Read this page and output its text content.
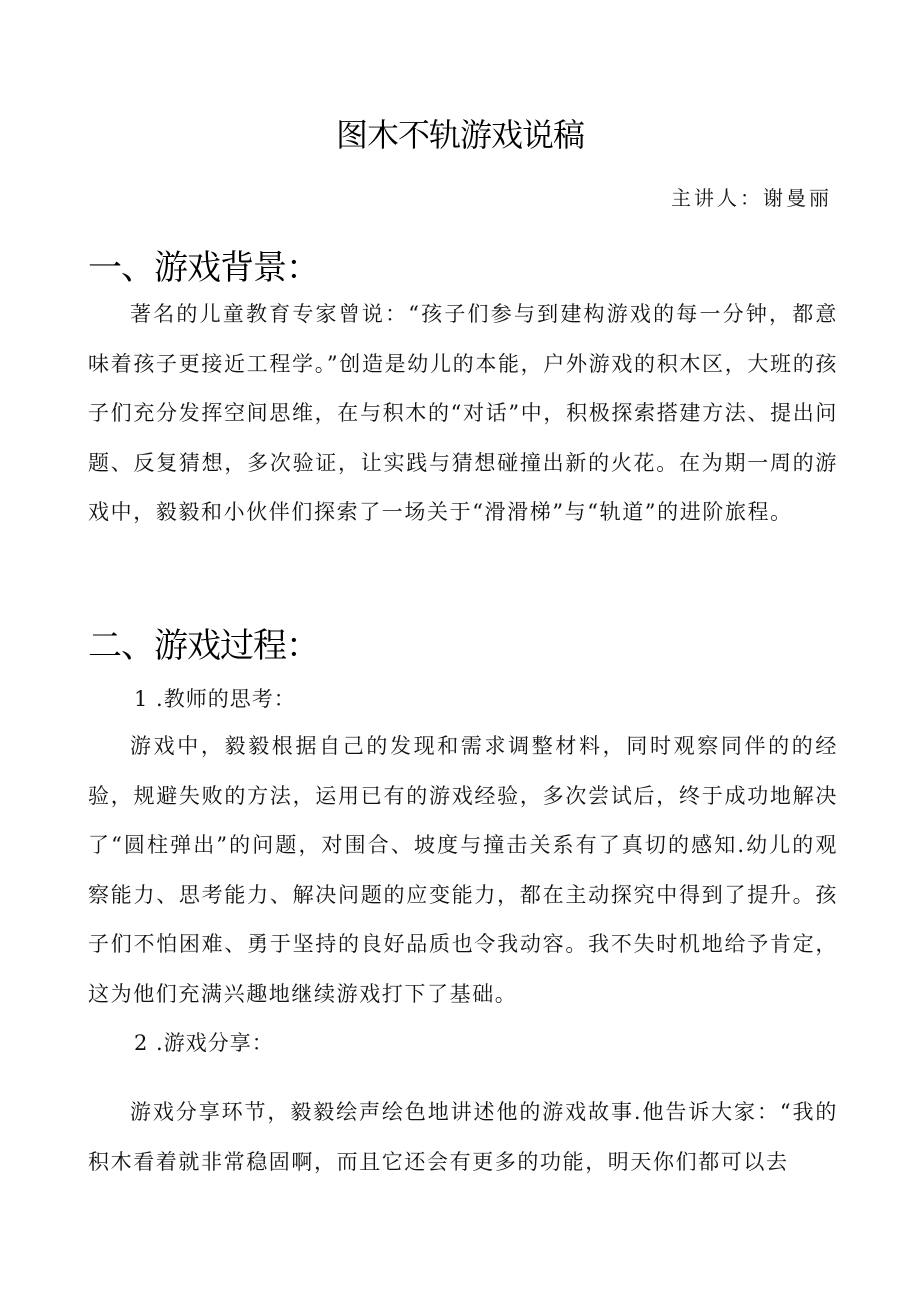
图木不轨游戏说稿
主讲人：谢曼丽
一、游戏背景：
著名的儿童教育专家曾说：“孩子们参与到建构游戏的每一分钟，都意味着孩子更接近工程学。”创造是幼儿的本能，户外游戏的积木区，大班的孩子们充分发挥空间思维，在与积木的“对话”中，积极探索搭建方法、提出问题、反复猜想，多次验证，让实践与猜想碰撞出新的火花。在为期一周的游戏中，毅毅和小伙伴们探索了一场关于“滑滑梯”与“轨道”的进阶旅程。
二、游戏过程：
1 .教师的思考：
游戏中，毅毅根据自己的发现和需求调整材料，同时观察同伴的的经验，规避失败的方法，运用已有的游戏经验，多次尝试后，终于成功地解决了“圆柱弹出”的问题，对围合、坡度与撞击关系有了真切的感知.幼儿的观察能力、思考能力、解决问题的应变能力，都在主动探究中得到了提升。孩子们不怕困难、勇于坚持的良好品质也令我动容。我不失时机地给予肯定，这为他们充满兴趣地继续游戏打下了基础。
2 .游戏分享：
游戏分享环节，毅毅绘声绘色地讲述他的游戏故事.他告诉大家：“我的积木看着就非常稳固啊，而且它还会有更多的功能，明天你们都可以去
